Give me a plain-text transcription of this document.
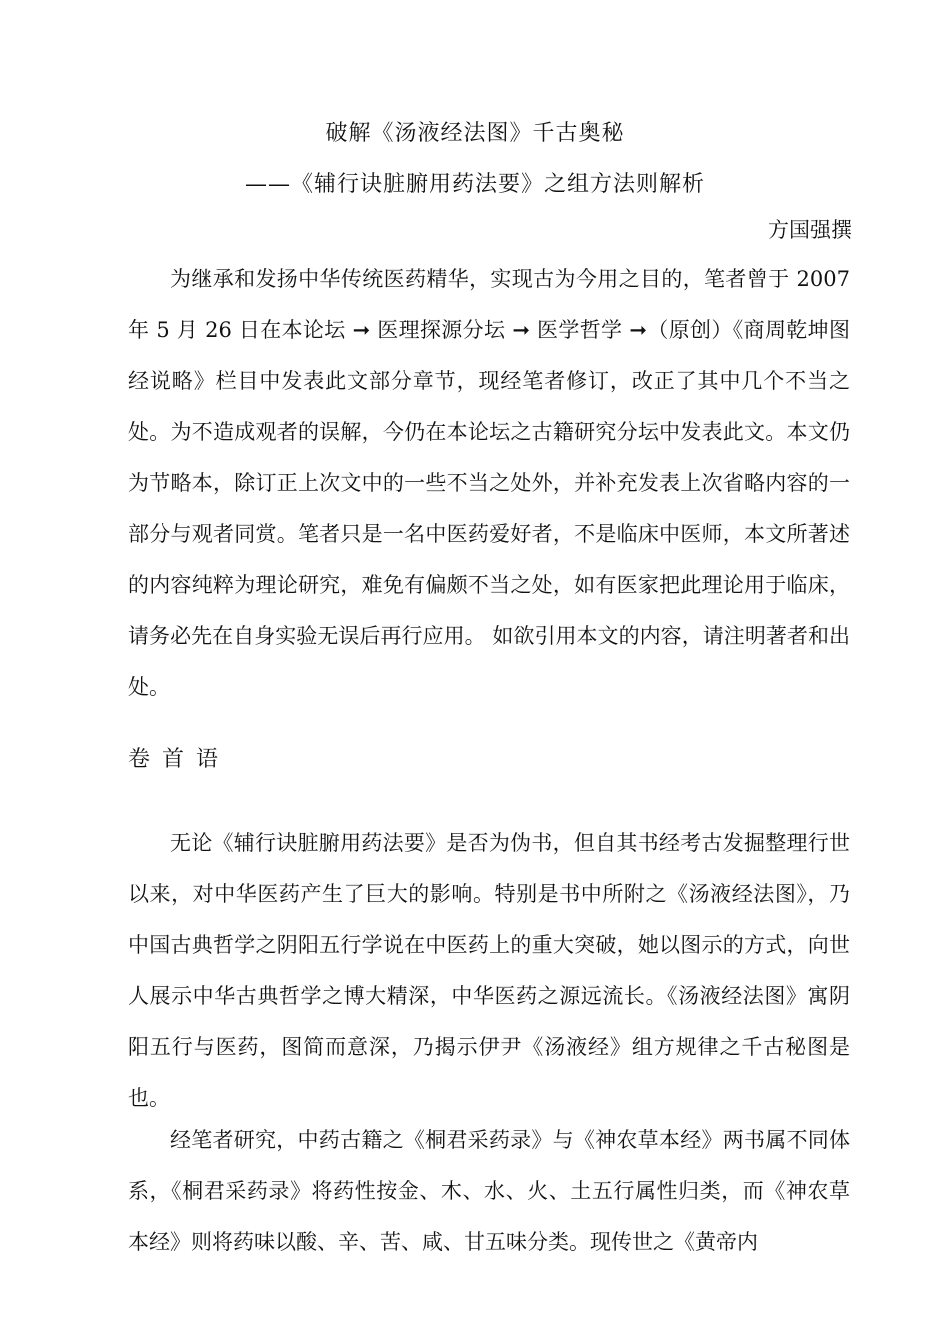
破解《汤液经法图》千古奥秘
——《辅行诀脏腑用药法要》之组方法则解析
方国强撰

为继承和发扬中华传统医药精华，实现古为今用之目的，笔者曾于 2007 年 5 月 26 日在本论坛 ➞ 医理探源分坛 ➞ 医学哲学 ➞（原创）《商周乾坤图经说略》栏目中发表此文部分章节，现经笔者修订，改正了其中几个不当之处。为不造成观者的误解，今仍在本论坛之古籍研究分坛中发表此文。本文仍为节略本，除订正上次文中的一些不当之处外，并补充发表上次省略内容的一部分与观者同赏。笔者只是一名中医药爱好者，不是临床中医师，本文所著述的内容纯粹为理论研究，难免有偏颇不当之处，如有医家把此理论用于临床，请务必先在自身实验无误后再行应用。 如欲引用本文的内容，请注明著者和出处。

卷首语

无论《辅行诀脏腑用药法要》是否为伪书，但自其书经考古发掘整理行世以来，对中华医药产生了巨大的影响。特别是书中所附之《汤液经法图》，乃中国古典哲学之阴阳五行学说在中医药上的重大突破，她以图示的方式，向世人展示中华古典哲学之博大精深，中华医药之源远流长。《汤液经法图》寓阴阳五行与医药，图简而意深，乃揭示伊尹《汤液经》组方规律之千古秘图是也。

经笔者研究，中药古籍之《桐君采药录》与《神农草本经》两书属不同体系，《桐君采药录》将药性按金、木、水、火、土五行属性归类，而《神农草本经》则将药味以酸、辛、苦、咸、甘五味分类。现传世之《黄帝内
